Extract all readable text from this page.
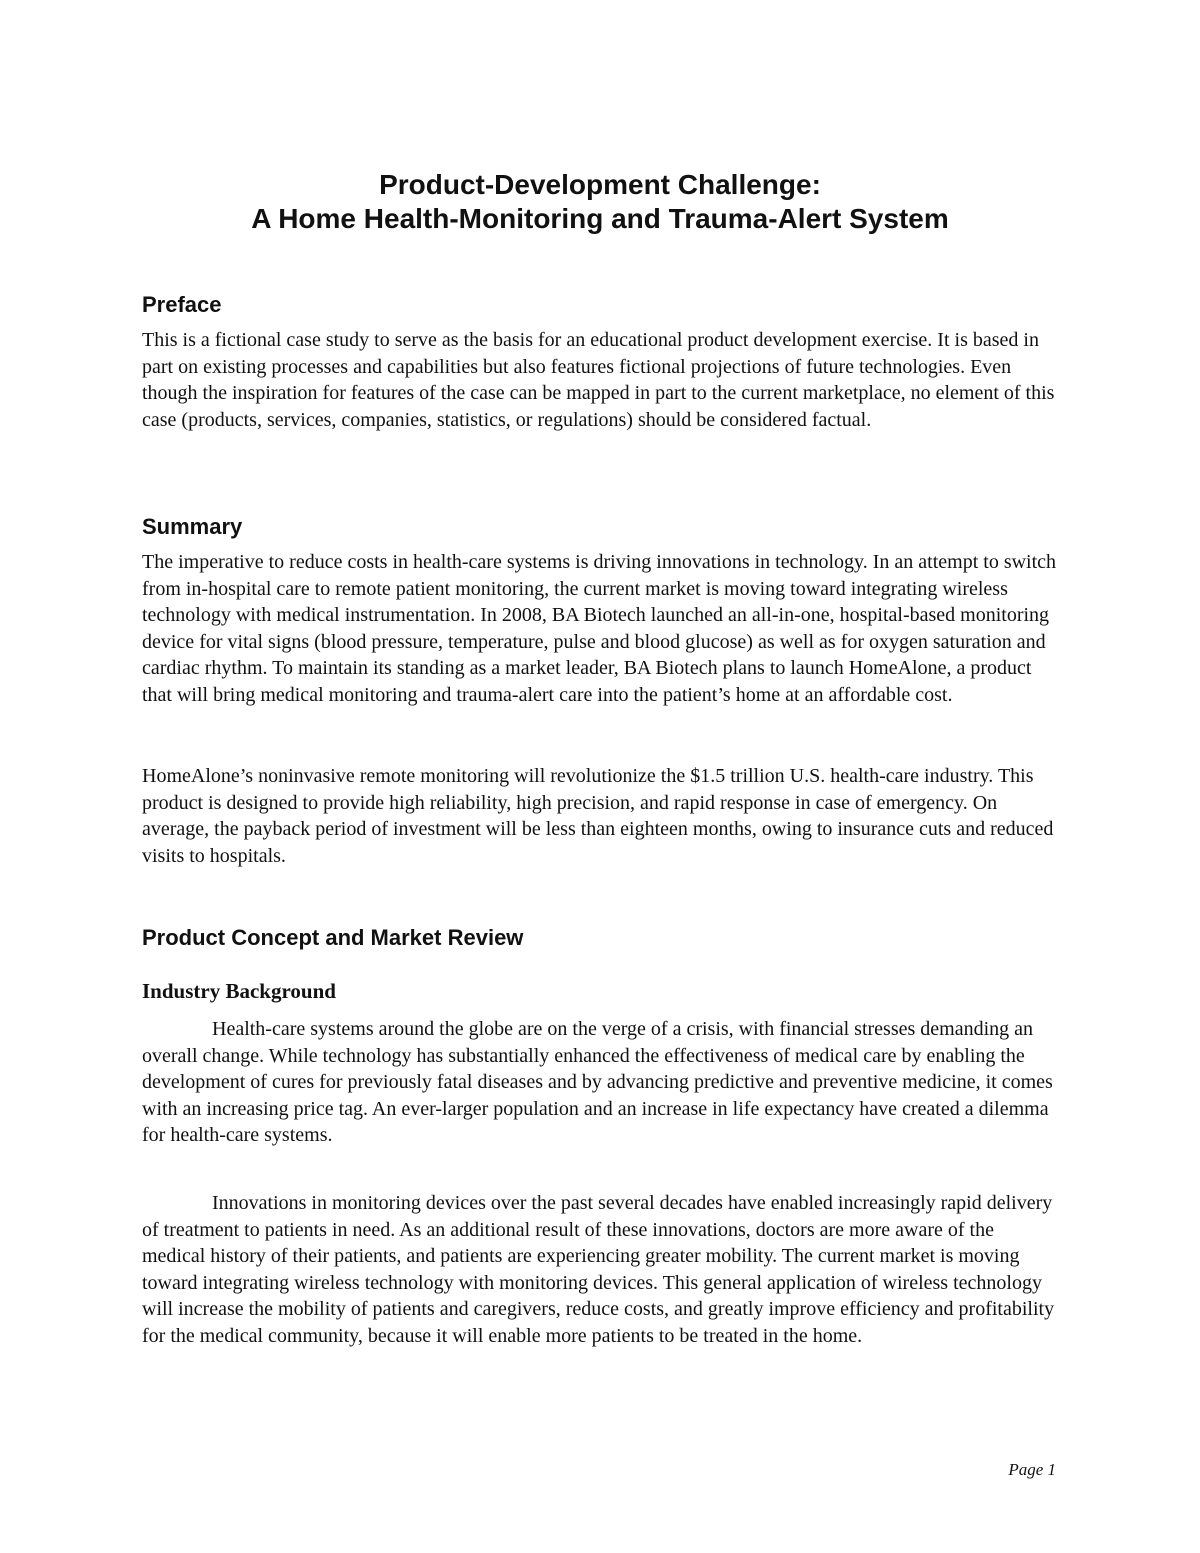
Product-Development Challenge:
A Home Health-Monitoring and Trauma-Alert System
Preface

This is a fictional case study to serve as the basis for an educational product development exercise. It is based in part on existing processes and capabilities but also features fictional projections of future technologies. Even though the inspiration for features of the case can be mapped in part to the current marketplace, no element of this case (products, services, companies, statistics, or regulations) should be considered factual.

Summary

The imperative to reduce costs in health-care systems is driving innovations in technology. In an attempt to switch from in-hospital care to remote patient monitoring, the current market is moving toward integrating wireless technology with medical instrumentation. In 2008, BA Biotech launched an all-in-one, hospital-based monitoring device for vital signs (blood pressure, temperature, pulse and blood glucose) as well as for oxygen saturation and cardiac rhythm. To maintain its standing as a market leader, BA Biotech plans to launch HomeAlone, a product that will bring medical monitoring and trauma-alert care into the patient’s home at an affordable cost.

HomeAlone’s noninvasive remote monitoring will revolutionize the $1.5 trillion U.S. health-care industry. This product is designed to provide high reliability, high precision, and rapid response in case of emergency. On average, the payback period of investment will be less than eighteen months, owing to insurance cuts and reduced visits to hospitals.

Product Concept and Market Review
Industry Background

Health-care systems around the globe are on the verge of a crisis, with financial stresses demanding an overall change. While technology has substantially enhanced the effectiveness of medical care by enabling the development of cures for previously fatal diseases and by advancing predictive and preventive medicine, it comes with an increasing price tag. An ever-larger population and an increase in life expectancy have created a dilemma for health-care systems.

Innovations in monitoring devices over the past several decades have enabled increasingly rapid delivery of treatment to patients in need. As an additional result of these innovations, doctors are more aware of the medical history of their patients, and patients are experiencing greater mobility. The current market is moving toward integrating wireless technology with monitoring devices. This general application of wireless technology will increase the mobility of patients and caregivers, reduce costs, and greatly improve efficiency and profitability for the medical community, because it will enable more patients to be treated in the home.

Page 1
